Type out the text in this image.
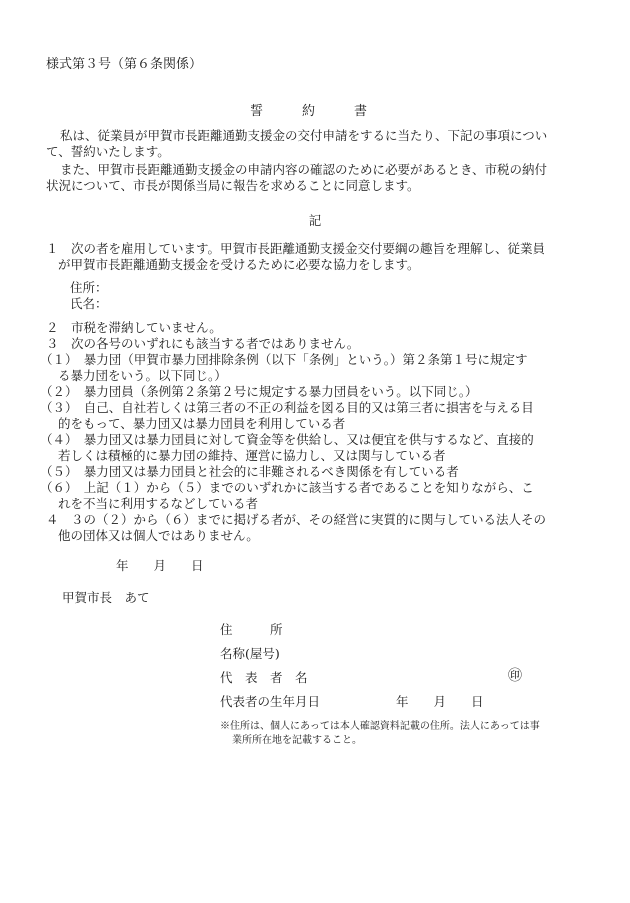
様式第３号（第６条関係）
誓　約　書
私は、従業員が甲賀市長距離通勤支援金の交付申請をするに当たり、下記の事項につい
て、誓約いたします。
また、甲賀市長距離通勤支援金の申請内容の確認のために必要があるとき、市税の納付
状況について、市長が関係当局に報告を求めることに同意します。
記
１　次の者を雇用しています。甲賀市長距離通勤支援金交付要綱の趣旨を理解し、従業員
が甲賀市長距離通勤支援金を受けるために必要な協力をします。
住所：
氏名：
２　市税を滞納していません。
３　次の各号のいずれにも該当する者ではありません。
（１）　暴力団（甲賀市暴力団排除条例（以下「条例」という。）第２条第１号に規定す
る暴力団をいう。以下同じ。）
（２）　暴力団員（条例第２条第２号に規定する暴力団員をいう。以下同じ。）
（３）　自己、自社若しくは第三者の不正の利益を図る目的又は第三者に損害を与える目
的をもって、暴力団又は暴力団員を利用している者
（４）　暴力団又は暴力団員に対して資金等を供給し、又は便宜を供与するなど、直接的
若しくは積極的に暴力団の維持、運営に協力し、又は関与している者
（５）　暴力団又は暴力団員と社会的に非難されるべき関係を有している者
（６）　上記（１）から（５）までのいずれかに該当する者であることを知りながら、こ
れを不当に利用するなどしている者
４　３の（２）から（６）までに掲げる者が、その経営に実質的に関与している法人その
他の団体又は個人ではありません。
年　　月　　日
甲賀市長　あて
住　　　所
名称(屋号)
代　表　者　名	㊞
代表者の生年月日	年　　月　　日
※住所は、個人にあっては本人確認資料記載の住所。法人にあっては事
業所所在地を記載すること。
